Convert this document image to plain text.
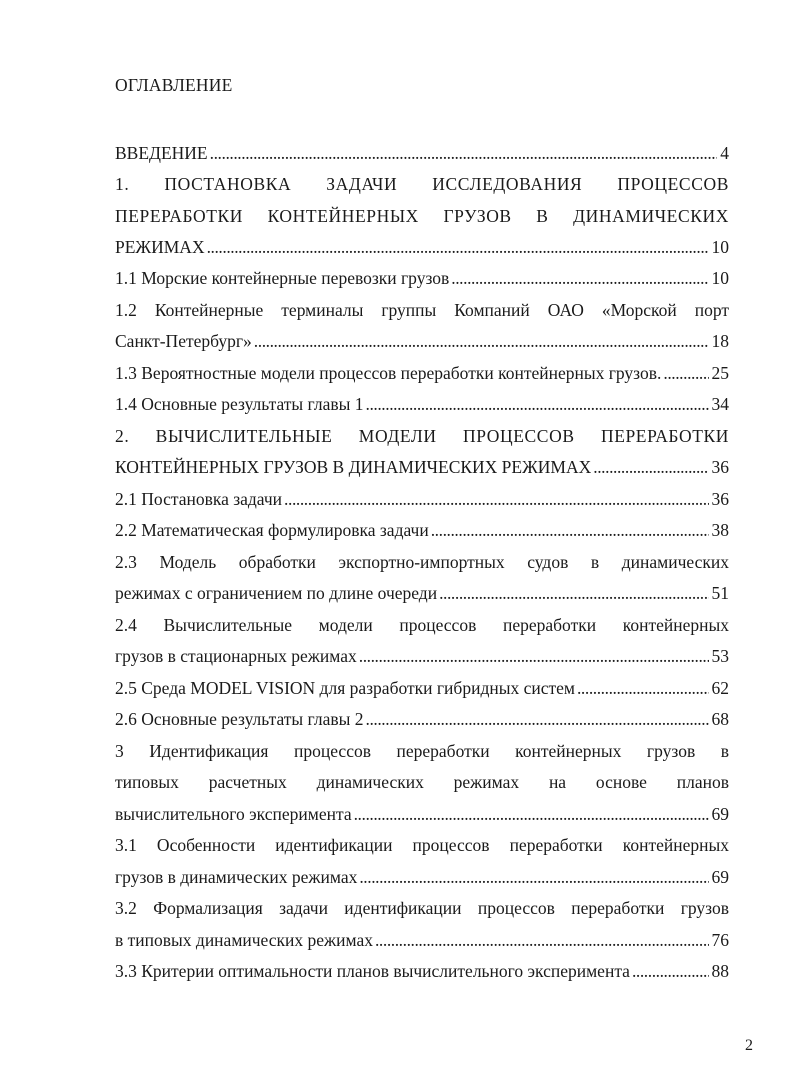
ОГЛАВЛЕНИЕ
ВВЕДЕНИЕ . . .	4
1. ПОСТАНОВКА ЗАДАЧИ ИССЛЕДОВАНИЯ ПРОЦЕССОВ
ПЕРЕРАБОТКИ КОНТЕЙНЕРНЫХ ГРУЗОВ В ДИНАМИЧЕСКИХ
РЕЖИМАХ . . .	10
1.1 Морские контейнерные перевозки грузов . . .	10
1.2 Контейнерные терминалы группы Компаний ОАО «Морской порт
Санкт-Петербург» . . .	18
1.3 Вероятностные модели процессов переработки контейнерных грузов. . . .	25
1.4 Основные результаты главы 1 . . .	34
2. ВЫЧИСЛИТЕЛЬНЫЕ МОДЕЛИ ПРОЦЕССОВ ПЕРЕРАБОТКИ
КОНТЕЙНЕРНЫХ ГРУЗОВ В ДИНАМИЧЕСКИХ РЕЖИМАХ . . .	36
2.1 Постановка задачи . . .	36
2.2 Математическая формулировка задачи . . .	38
2.3 Модель обработки экспортно-импортных судов в динамических
режимах с ограничением по длине очереди . . .	51
2.4 Вычислительные модели процессов переработки контейнерных
грузов в стационарных режимах . . .	53
2.5 Среда MODEL VISION для разработки гибридных систем . . .	62
2.6 Основные результаты главы 2 . . .	68
3 Идентификация процессов переработки контейнерных грузов в
типовых расчетных динамических режимах на основе планов
вычислительного эксперимента . . .	69
3.1 Особенности идентификации процессов переработки контейнерных
грузов в динамических режимах . . .	69
3.2 Формализация задачи идентификации процессов переработки грузов
в типовых динамических режимах . . .	76
3.3 Критерии оптимальности планов вычислительного эксперимента . . .	88
2
